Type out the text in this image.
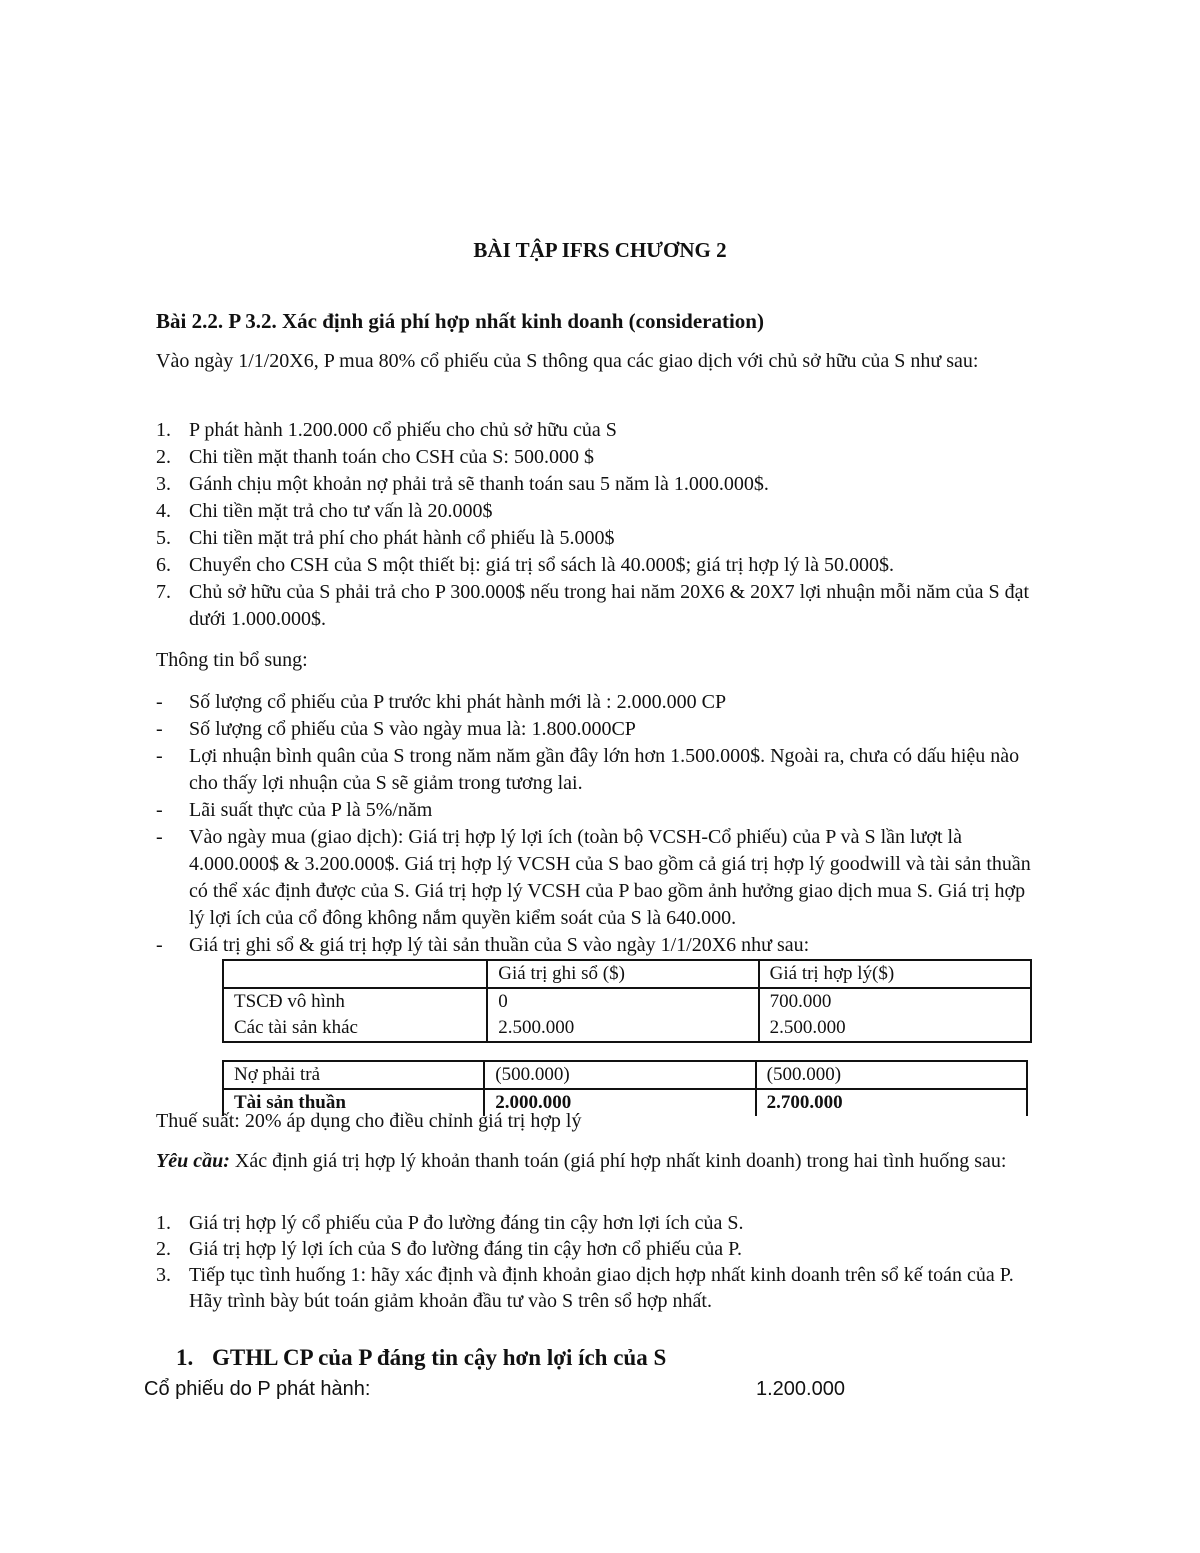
BÀI TẬP IFRS CHƯƠNG 2
Bài 2.2. P 3.2. Xác định giá phí hợp nhất kinh doanh (consideration)
Vào ngày 1/1/20X6, P mua 80% cổ phiếu của S thông qua các giao dịch với chủ sở hữu của S như sau:
1. P phát hành 1.200.000 cổ phiếu cho chủ sở hữu của S
2. Chi tiền mặt thanh toán cho CSH của S: 500.000 $
3. Gánh chịu một khoản nợ phải trả sẽ thanh toán sau 5 năm là 1.000.000$.
4. Chi tiền mặt trả cho tư vấn là 20.000$
5. Chi tiền mặt trả phí cho phát hành cổ phiếu là 5.000$
6. Chuyển cho CSH của S một thiết bị: giá trị sổ sách là 40.000$; giá trị hợp lý là 50.000$.
7. Chủ sở hữu của S phải trả cho P 300.000$ nếu trong hai năm 20X6 & 20X7 lợi nhuận mỗi năm của S đạt dưới 1.000.000$.
Thông tin bổ sung:
-	Số lượng cổ phiếu của P trước khi phát hành mới là : 2.000.000 CP
-	Số lượng cổ phiếu của S vào ngày mua là: 1.800.000CP
-	Lợi nhuận bình quân của S trong năm năm gần đây lớn hơn 1.500.000$. Ngoài ra, chưa có dấu hiệu nào cho thấy lợi nhuận của S sẽ giảm trong tương lai.
-	Lãi suất thực của P là 5%/năm
-	Vào ngày mua (giao dịch): Giá trị hợp lý lợi ích (toàn bộ VCSH-Cổ phiếu) của P và S lần lượt là 4.000.000$ & 3.200.000$. Giá trị hợp lý VCSH của S bao gồm cả giá trị hợp lý goodwill và tài sản thuần có thể xác định được của S. Giá trị hợp lý VCSH của P bao gồm ảnh hưởng giao dịch mua S. Giá trị hợp lý lợi ích của cổ đông không nắm quyền kiểm soát của S là 640.000.
-	Giá trị ghi sổ & giá trị hợp lý tài sản thuần của S vào ngày 1/1/20X6 như sau:
	Giá trị ghi sổ ($)	Giá trị hợp lý($)
TSCĐ vô hình	0	700.000
Các tài sản khác	2.500.000	2.500.000
Nợ phải trả	(500.000)	(500.000)
Tài sản thuần	2.000.000	2.700.000
Thuế suất: 20% áp dụng cho điều chỉnh giá trị hợp lý
Yêu cầu: Xác định giá trị hợp lý khoản thanh toán (giá phí hợp nhất kinh doanh) trong hai tình huống sau:
1. Giá trị hợp lý cổ phiếu của P đo lường đáng tin cậy hơn lợi ích của S.
2. Giá trị hợp lý lợi ích của S đo lường đáng tin cậy hơn cổ phiếu của P.
3. Tiếp tục tình huống 1: hãy xác định và định khoản giao dịch hợp nhất kinh doanh trên sổ kế toán của P. Hãy trình bày bút toán giảm khoản đầu tư vào S trên sổ hợp nhất.
1. GTHL CP của P đáng tin cậy hơn lợi ích của S
Cổ phiếu do P phát hành:	1.200.000
